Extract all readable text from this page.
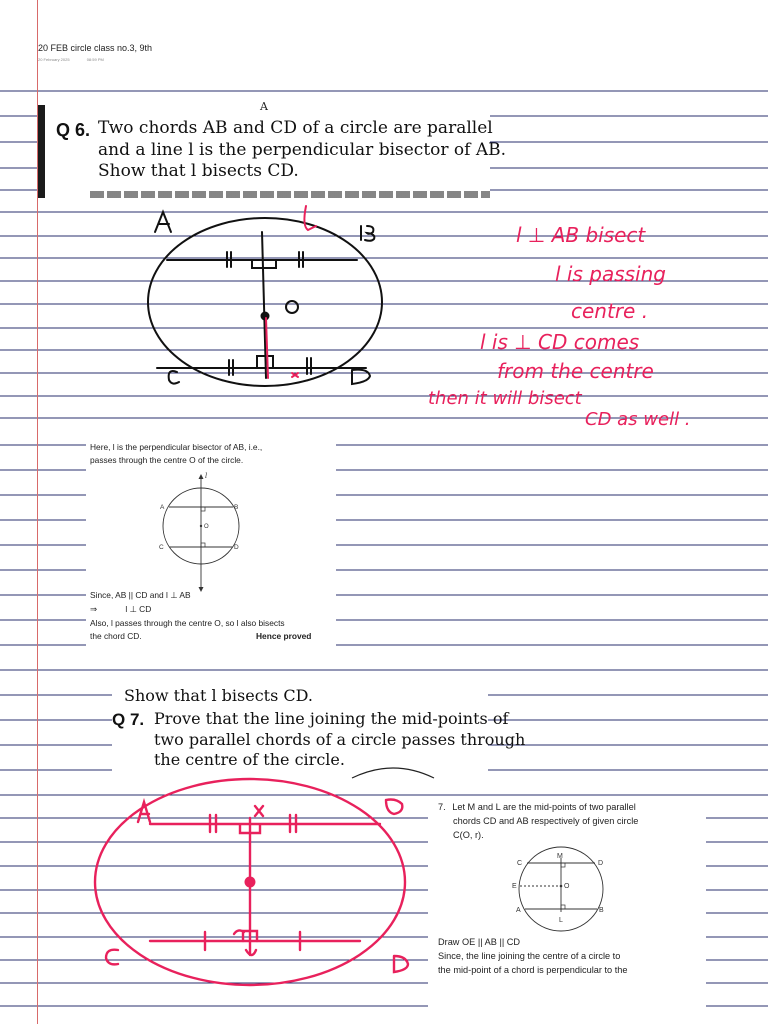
20 FEB circle class no.3, 9th
20 February 2025	08:59 PM
A
Q 6. Two chords AB and CD of a circle are parallel
and a line l is the perpendicular bisector of AB.
Show that l bisects CD.
Here, l is the perpendicular bisector of AB, i.e.,
passes through the centre O of the circle.
l
A	B
C	D
O
Since, AB || CD and l ⊥ AB
⇒	l ⊥ CD
Also, l passes through the centre O, so l also bisects
the chord CD.	Hence proved
Show that l bisects CD.
Q 7. Prove that the line joining the mid-points of
two parallel chords of a circle passes through
the centre of the circle.
7. Let M and L are the mid-points of two parallel
chords CD and AB respectively of given circle
C(O, r).
M
C	D
E	O
A	B
L
Draw OE || AB || CD
Since, the line joining the centre of a circle to
the mid-point of a chord is perpendicular to the
l ⊥ AB bisect
l is passing
centre .
l is ⊥ CD comes
from the centre
then it will bisect
CD as well .
